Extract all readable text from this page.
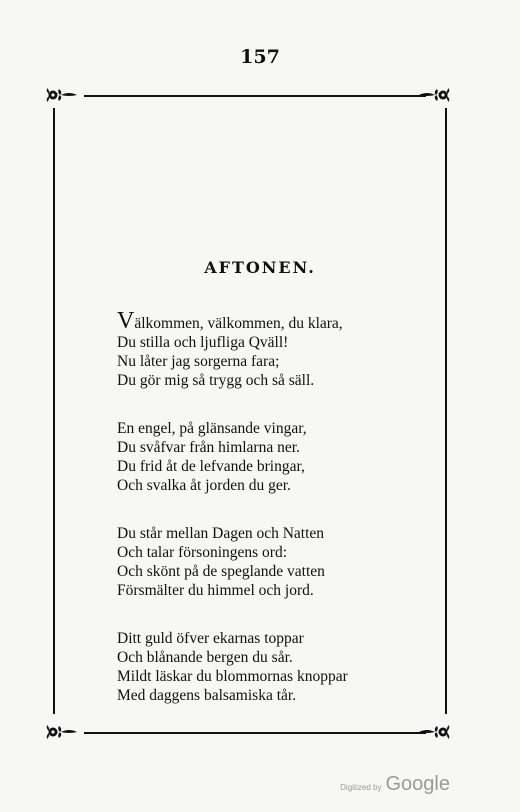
157
AFTONEN.
Välkommen, välkommen, du klara,
Du stilla och ljufliga Qväll!
Nu låter jag sorgerna fara;
Du gör mig så trygg och så säll.
En engel, på glänsande vingar,
Du svåfvar från himlarna ner.
Du frid åt de lefvande bringar,
Och svalka åt jorden du ger.
Du står mellan Dagen och Natten
Och talar försoningens ord:
Och skönt på de speglande vatten
Försmälter du himmel och jord.
Ditt guld öfver ekarnas toppar
Och blånande bergen du sår.
Mildt läskar du blommornas knoppar
Med daggens balsamiska tår.
Digitized by Google
